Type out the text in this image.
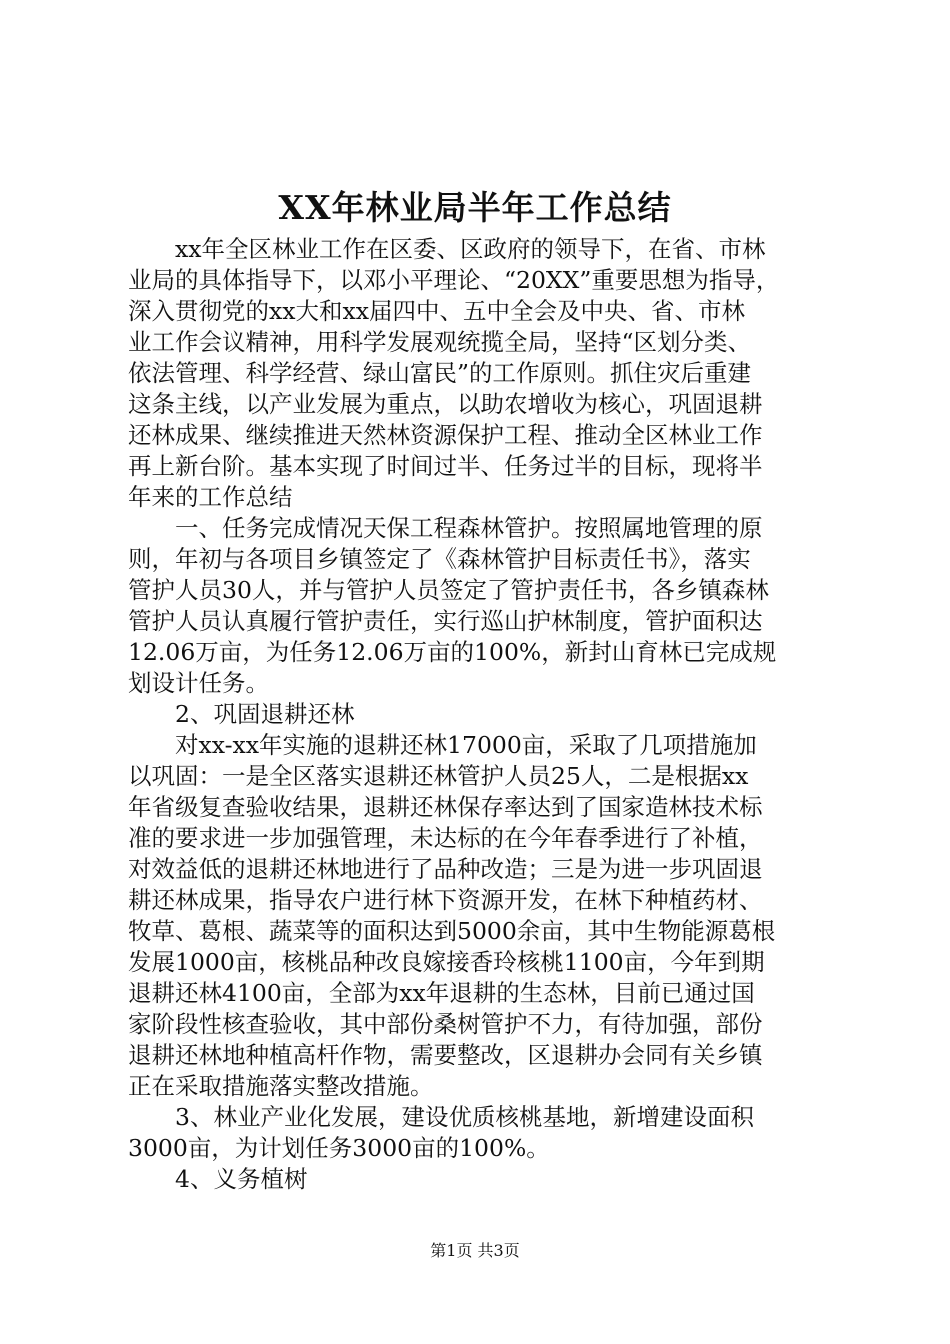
XX年林业局半年工作总结
　　xx年全区林业工作在区委、区政府的领导下，在省、市林
业局的具体指导下，以邓小平理论、“20XX”重要思想为指导，
深入贯彻党的xx大和xx届四中、五中全会及中央、省、市林
业工作会议精神，用科学发展观统揽全局，坚持“区划分类、
依法管理、科学经营、绿山富民”的工作原则。抓住灾后重建
这条主线，以产业发展为重点，以助农增收为核心，巩固退耕
还林成果、继续推进天然林资源保护工程、推动全区林业工作
再上新台阶。基本实现了时间过半、任务过半的目标，现将半
年来的工作总结
　　一、任务完成情况天保工程森林管护。按照属地管理的原
则，年初与各项目乡镇签定了《森林管护目标责任书》，落实
管护人员30人，并与管护人员签定了管护责任书，各乡镇森林
管护人员认真履行管护责任，实行巡山护林制度，管护面积达
12.06万亩，为任务12.06万亩的100%，新封山育林已完成规
划设计任务。
　　2、巩固退耕还林
　　对xx-xx年实施的退耕还林17000亩，采取了几项措施加
以巩固：一是全区落实退耕还林管护人员25人，二是根据xx
年省级复查验收结果，退耕还林保存率达到了国家造林技术标
准的要求进一步加强管理，未达标的在今年春季进行了补植，
对效益低的退耕还林地进行了品种改造；三是为进一步巩固退
耕还林成果，指导农户进行林下资源开发，在林下种植药材、
牧草、葛根、蔬菜等的面积达到5000余亩，其中生物能源葛根
发展1000亩，核桃品种改良嫁接香玲核桃1100亩，今年到期
退耕还林4100亩，全部为xx年退耕的生态林，目前已通过国
家阶段性核查验收，其中部份桑树管护不力，有待加强，部份
退耕还林地种植高杆作物，需要整改，区退耕办会同有关乡镇
正在采取措施落实整改措施。
　　3、林业产业化发展，建设优质核桃基地，新增建设面积
3000亩，为计划任务3000亩的100%。
　　4、义务植树
第1页 共3页
